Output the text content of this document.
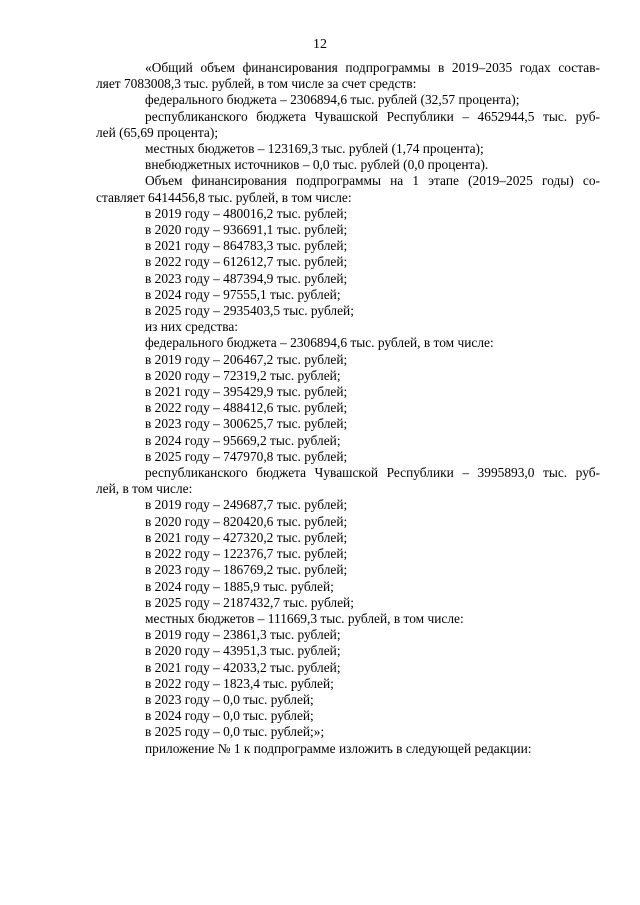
12
«Общий объем финансирования подпрограммы в 2019–2035 годах состав-
ляет 7083008,3 тыс. рублей, в том числе за счет средств:
федерального бюджета – 2306894,6 тыс. рублей (32,57 процента);
республиканского бюджета Чувашской Республики – 4652944,5 тыс. руб-
лей (65,69 процента);
местных бюджетов – 123169,3 тыс. рублей (1,74 процента);
внебюджетных источников – 0,0 тыс. рублей (0,0 процента).
Объем финансирования подпрограммы на 1 этапе (2019–2025 годы) со-
ставляет 6414456,8 тыс. рублей, в том числе:
в 2019 году – 480016,2 тыс. рублей;
в 2020 году – 936691,1 тыс. рублей;
в 2021 году – 864783,3 тыс. рублей;
в 2022 году – 612612,7 тыс. рублей;
в 2023 году – 487394,9 тыс. рублей;
в 2024 году – 97555,1 тыс. рублей;
в 2025 году – 2935403,5 тыс. рублей;
из них средства:
федерального бюджета – 2306894,6 тыс. рублей, в том числе:
в 2019 году – 206467,2 тыс. рублей;
в 2020 году – 72319,2 тыс. рублей;
в 2021 году – 395429,9 тыс. рублей;
в 2022 году – 488412,6 тыс. рублей;
в 2023 году – 300625,7 тыс. рублей;
в 2024 году – 95669,2 тыс. рублей;
в 2025 году – 747970,8 тыс. рублей;
республиканского бюджета Чувашской Республики – 3995893,0 тыс. руб-
лей, в том числе:
в 2019 году – 249687,7 тыс. рублей;
в 2020 году – 820420,6 тыс. рублей;
в 2021 году – 427320,2 тыс. рублей;
в 2022 году – 122376,7 тыс. рублей;
в 2023 году – 186769,2 тыс. рублей;
в 2024 году – 1885,9 тыс. рублей;
в 2025 году – 2187432,7 тыс. рублей;
местных бюджетов – 111669,3 тыс. рублей, в том числе:
в 2019 году – 23861,3 тыс. рублей;
в 2020 году – 43951,3 тыс. рублей;
в 2021 году – 42033,2 тыс. рублей;
в 2022 году – 1823,4 тыс. рублей;
в 2023 году – 0,0 тыс. рублей;
в 2024 году – 0,0 тыс. рублей;
в 2025 году – 0,0 тыс. рублей;»;
приложение № 1 к подпрограмме изложить в следующей редакции:
